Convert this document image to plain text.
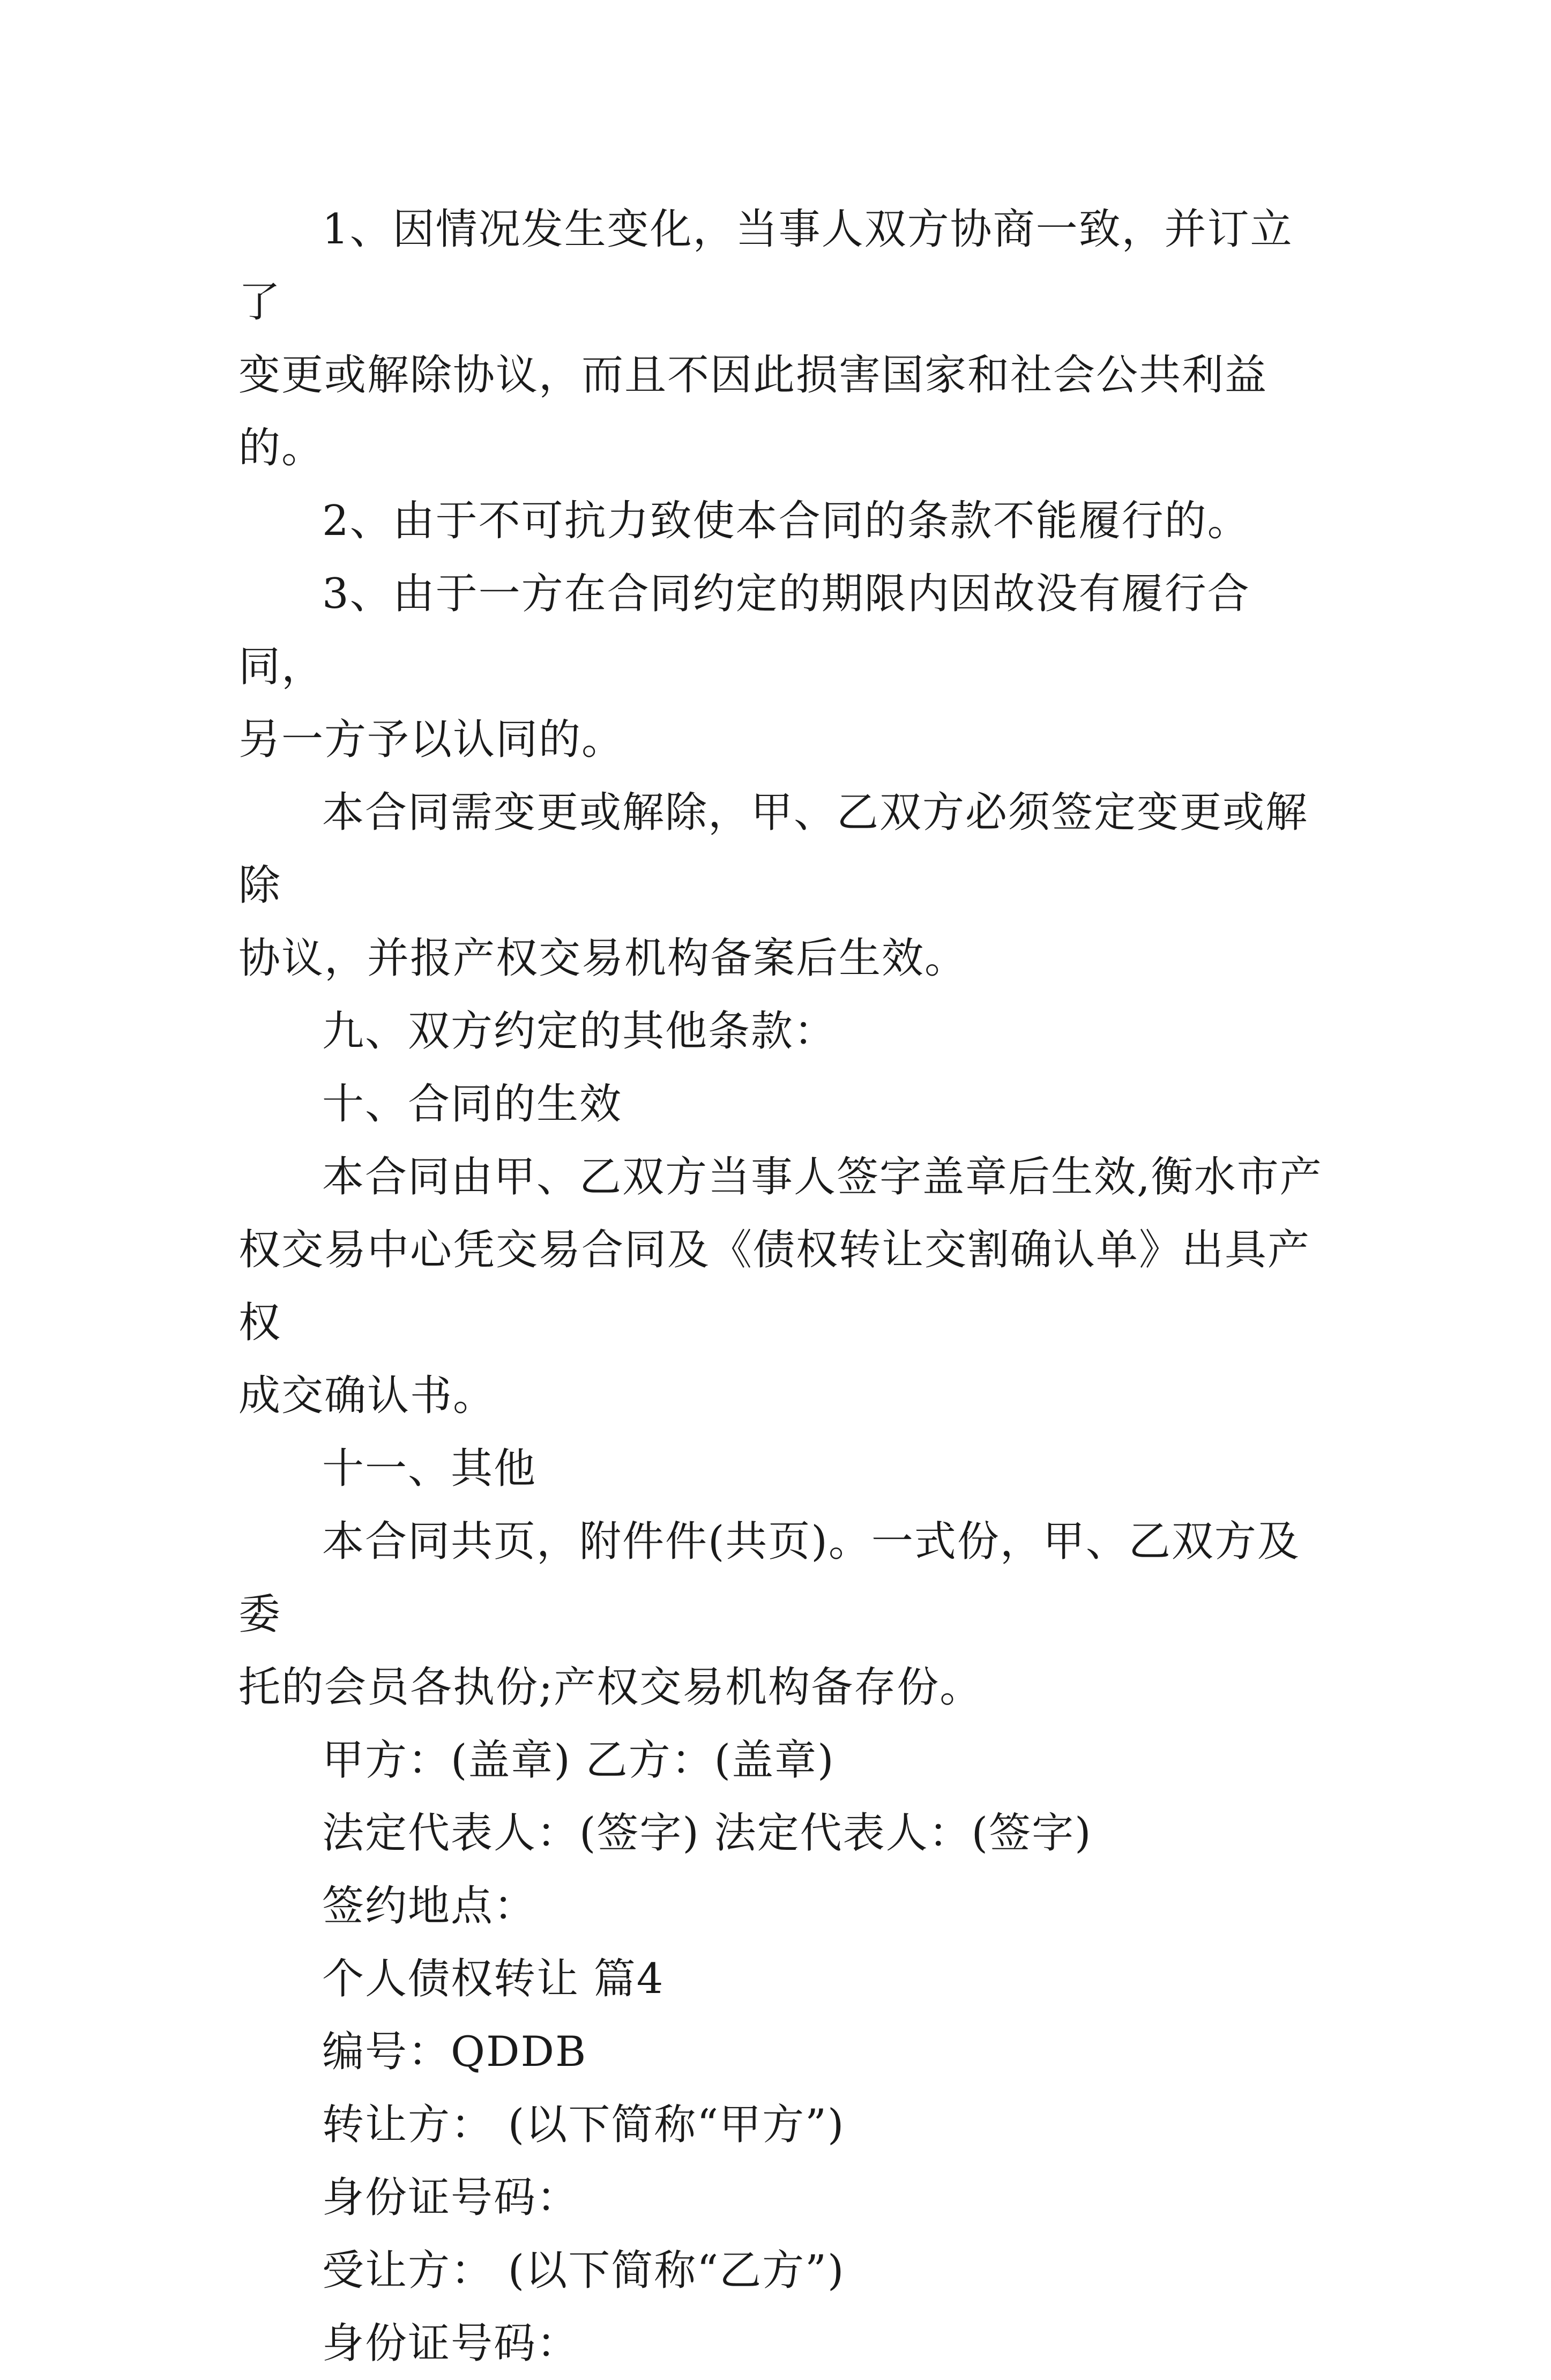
1、因情况发生变化，当事人双方协商一致，并订立了

变更或解除协议，而且不因此损害国家和社会公共利益的。

2、由于不可抗力致使本合同的条款不能履行的。

3、由于一方在合同约定的期限内因故没有履行合同，

另一方予以认同的。

本合同需变更或解除，甲、乙双方必须签定变更或解除

协议，并报产权交易机构备案后生效。

九、双方约定的其他条款：

十、合同的生效

本合同由甲、乙双方当事人签字盖章后生效,衡水市产

权交易中心凭交易合同及《债权转让交割确认单》出具产权

成交确认书。

十一、其他

本合同共页，附件件(共页)。一式份，甲、乙双方及委

托的会员各执份;产权交易机构备存份。

甲方：(盖章) 乙方：(盖章)

法定代表人：(签字) 法定代表人：(签字)

签约地点：

个人债权转让 篇4

编号：QDDB

转让方： (以下简称“甲方”)

身份证号码：

受让方： (以下简称“乙方”)

身份证号码：
